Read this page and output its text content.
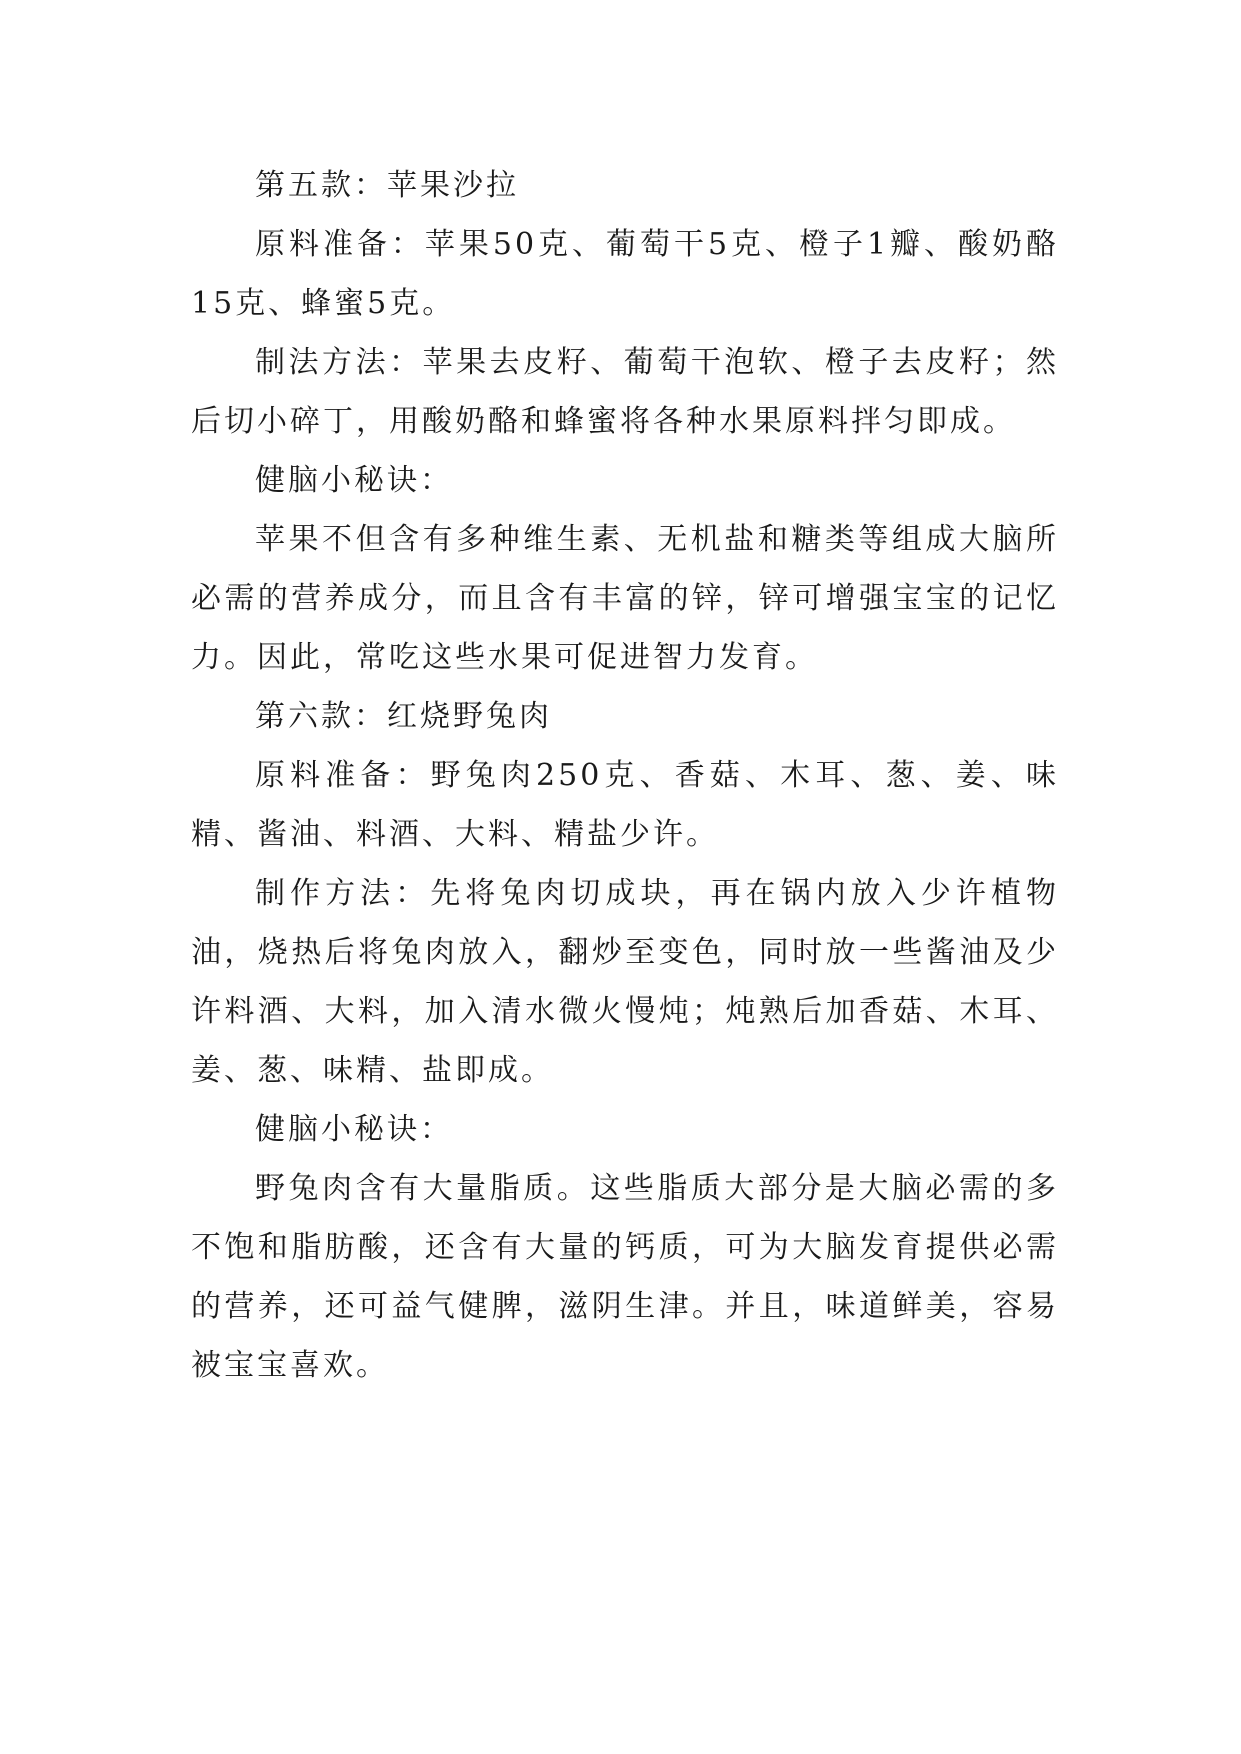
第五款：苹果沙拉

原料准备：苹果50克、葡萄干5克、橙子1瓣、酸奶酪15克、蜂蜜5克。

制法方法：苹果去皮籽、葡萄干泡软、橙子去皮籽；然后切小碎丁，用酸奶酪和蜂蜜将各种水果原料拌匀即成。

健脑小秘诀：

苹果不但含有多种维生素、无机盐和糖类等组成大脑所必需的营养成分，而且含有丰富的锌，锌可增强宝宝的记忆力。因此，常吃这些水果可促进智力发育。

第六款：红烧野兔肉

原料准备：野兔肉250克、香菇、木耳、葱、姜、味精、酱油、料酒、大料、精盐少许。

制作方法：先将兔肉切成块，再在锅内放入少许植物油，烧热后将兔肉放入，翻炒至变色，同时放一些酱油及少许料酒、大料，加入清水微火慢炖；炖熟后加香菇、木耳、姜、葱、味精、盐即成。

健脑小秘诀：

野兔肉含有大量脂质。这些脂质大部分是大脑必需的多不饱和脂肪酸，还含有大量的钙质，可为大脑发育提供必需的营养，还可益气健脾，滋阴生津。并且，味道鲜美，容易被宝宝喜欢。
